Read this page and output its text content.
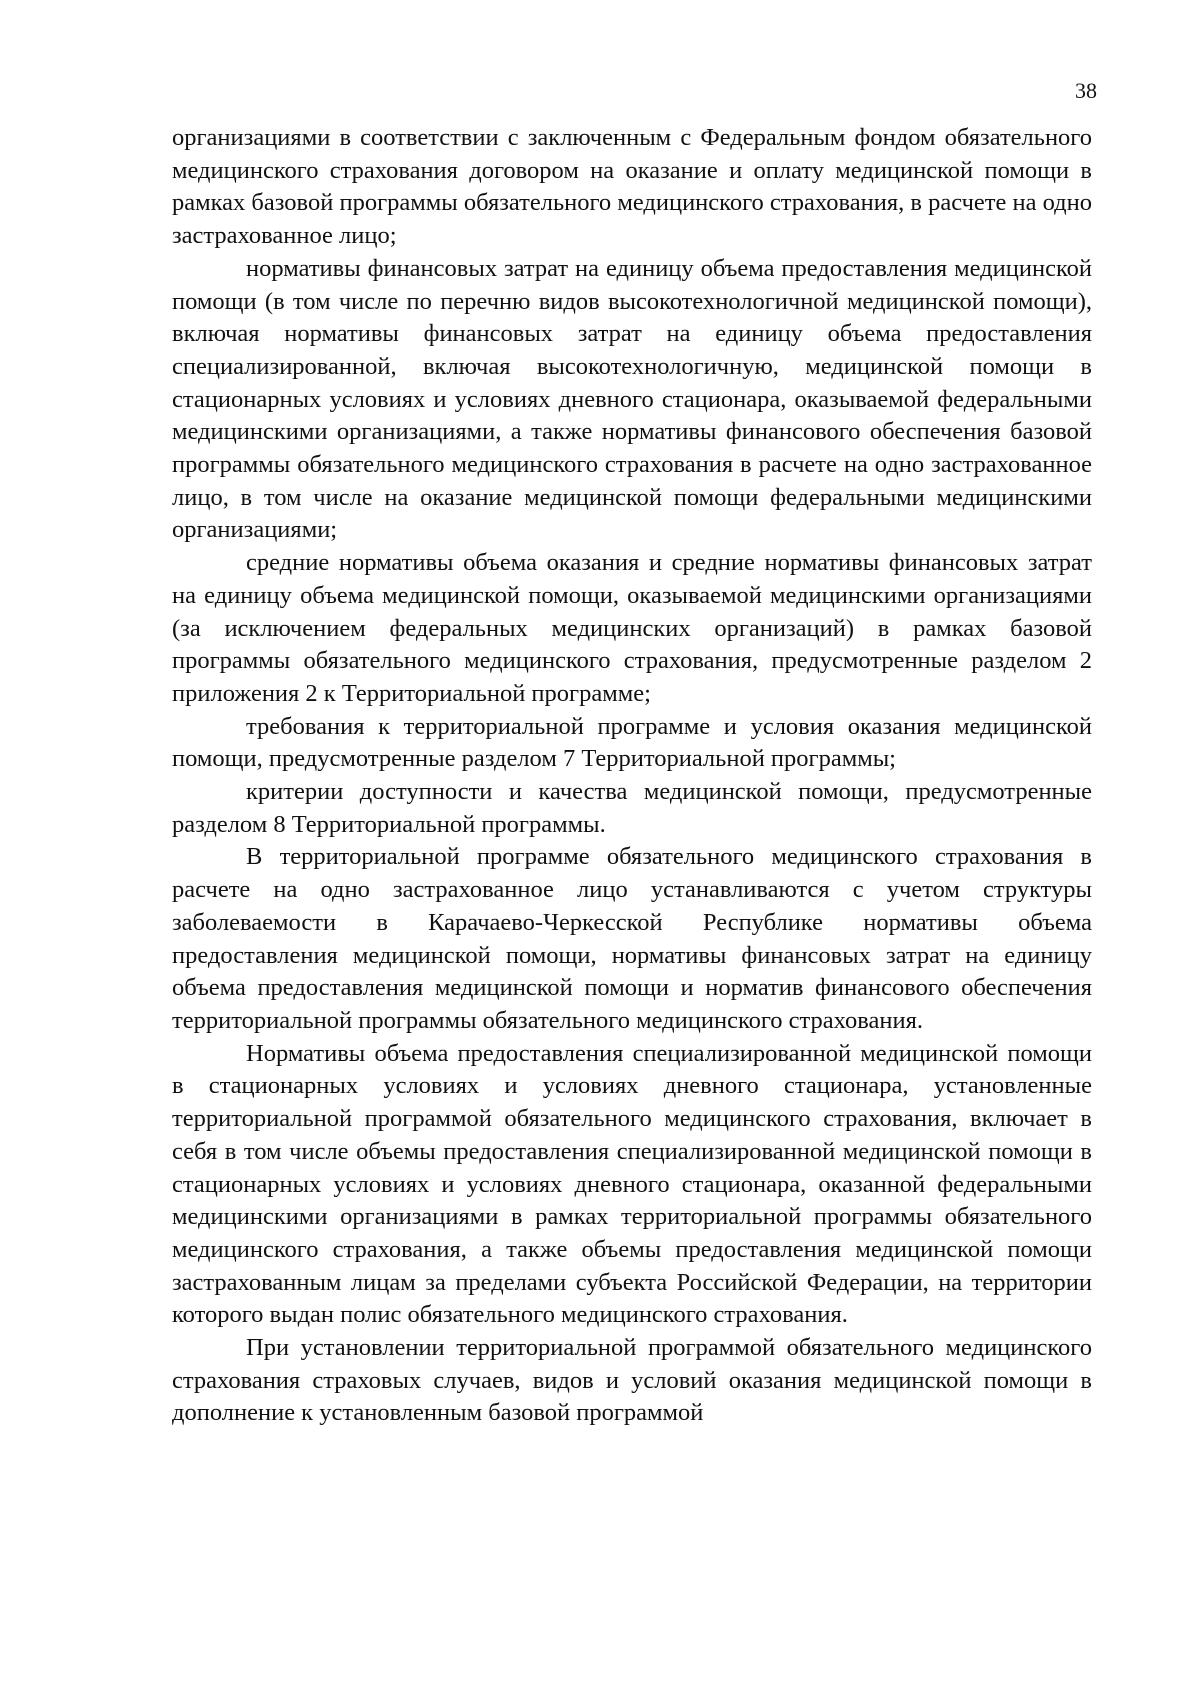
38

организациями в соответствии с заключенным с Федеральным фондом обязательного медицинского страхования договором на оказание и оплату медицинской помощи в рамках базовой программы обязательного медицинского страхования, в расчете на одно застрахованное лицо;

нормативы финансовых затрат на единицу объема предоставления медицинской помощи (в том числе по перечню видов высокотехнологичной медицинской помощи), включая нормативы финансовых затрат на единицу объема предоставления специализированной, включая высокотехнологичную, медицинской помощи в стационарных условиях и условиях дневного стационара, оказываемой федеральными медицинскими организациями, а также нормативы финансового обеспечения базовой программы обязательного медицинского страхования в расчете на одно застрахованное лицо, в том числе на оказание медицинской помощи федеральными медицинскими организациями;

средние нормативы объема оказания и средние нормативы финансовых затрат на единицу объема медицинской помощи, оказываемой медицинскими организациями (за исключением федеральных медицинских организаций) в рамках базовой программы обязательного медицинского страхования, предусмотренные разделом 2 приложения 2 к Территориальной программе;

требования к территориальной программе и условия оказания медицинской помощи, предусмотренные разделом 7 Территориальной программы;

критерии доступности и качества медицинской помощи, предусмотренные разделом 8 Территориальной программы.

В территориальной программе обязательного медицинского страхования в расчете на одно застрахованное лицо устанавливаются с учетом структуры заболеваемости в Карачаево-Черкесской Республике нормативы объема предоставления медицинской помощи, нормативы финансовых затрат на единицу объема предоставления медицинской помощи и норматив финансового обеспечения территориальной программы обязательного медицинского страхования.

Нормативы объема предоставления специализированной медицинской помощи в стационарных условиях и условиях дневного стационара, установленные территориальной программой обязательного медицинского страхования, включает в себя в том числе объемы предоставления специализированной медицинской помощи в стационарных условиях и условиях дневного стационара, оказанной федеральными медицинскими организациями в рамках территориальной программы обязательного медицинского страхования, а также объемы предоставления медицинской помощи застрахованным лицам за пределами субъекта Российской Федерации, на территории которого выдан полис обязательного медицинского страхования.

При установлении территориальной программой обязательного медицинского страхования страховых случаев, видов и условий оказания медицинской помощи в дополнение к установленным базовой программой
